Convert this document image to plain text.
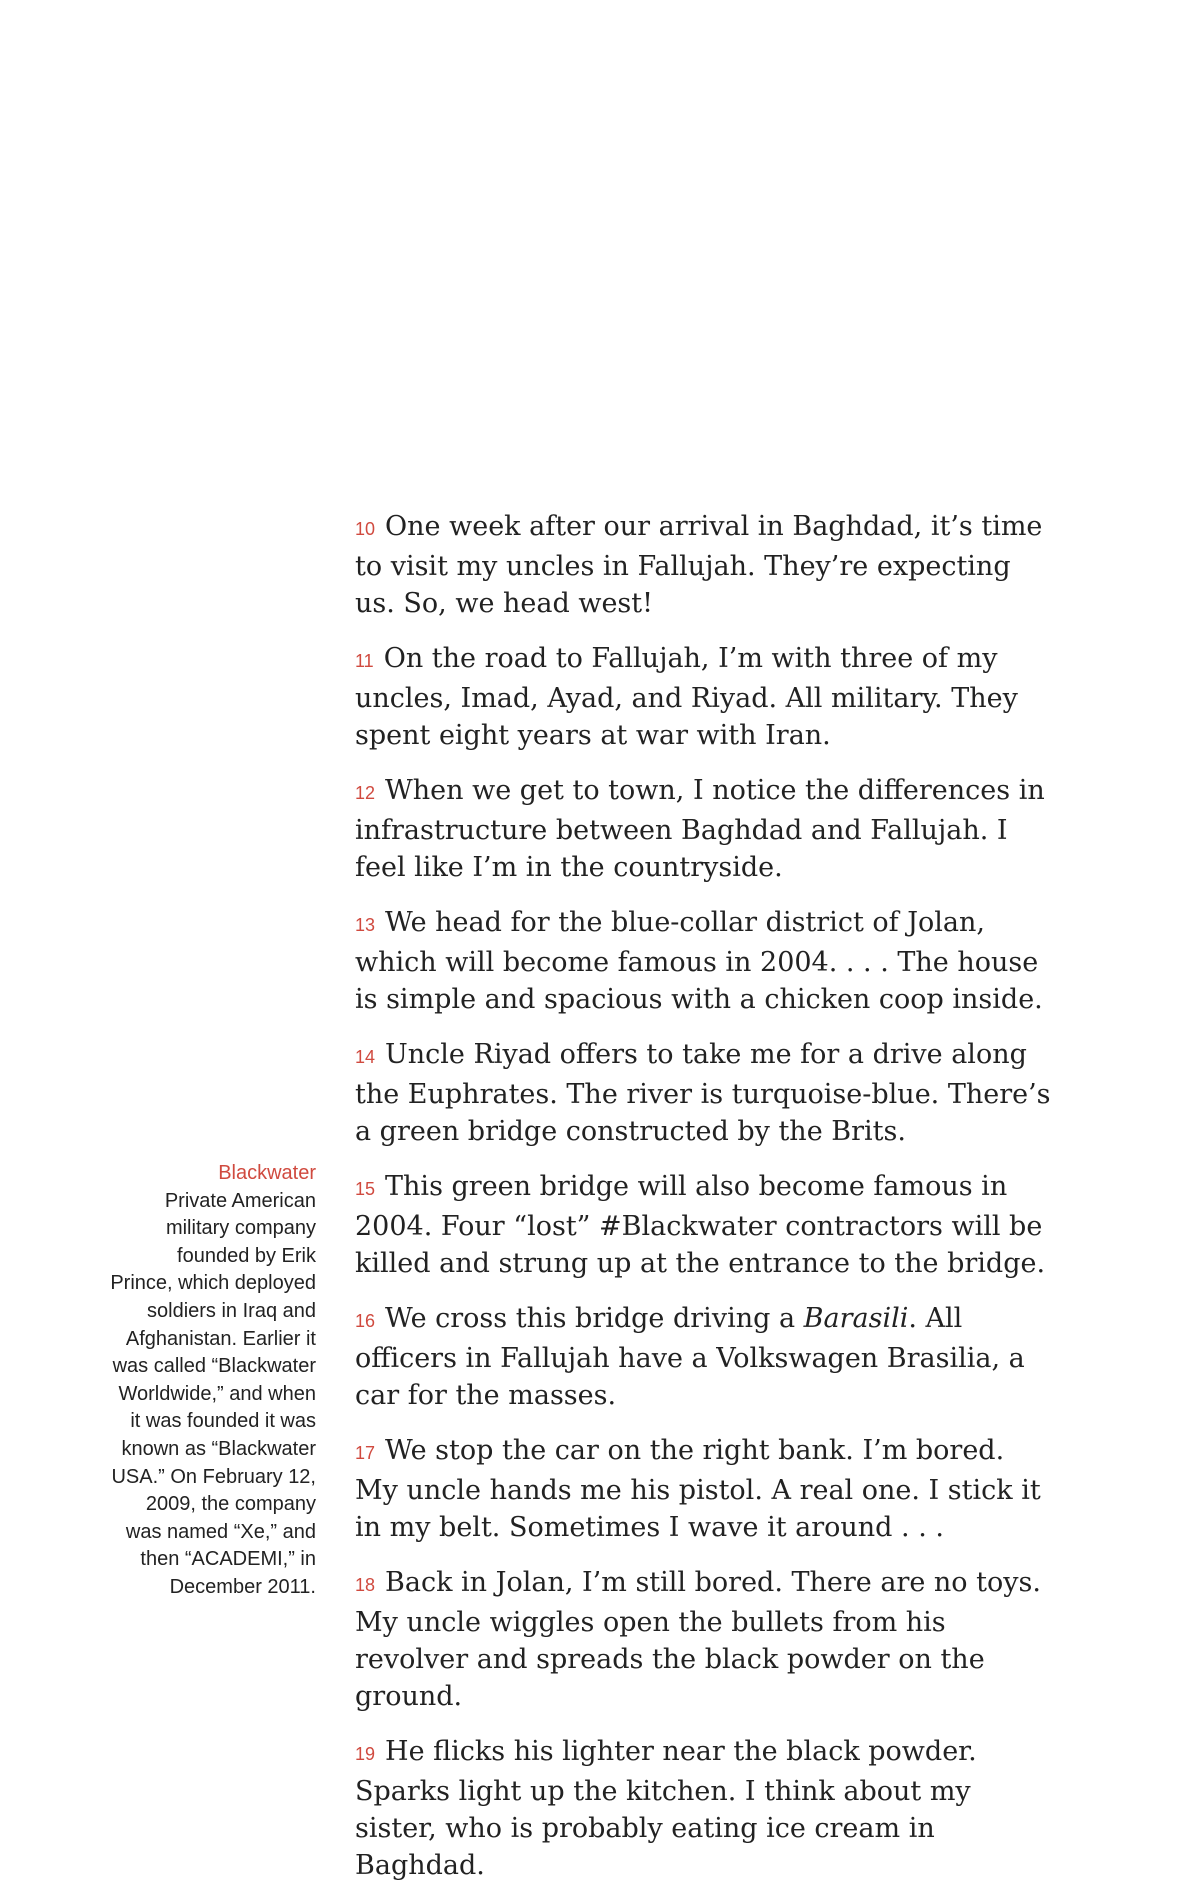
Blackwater
Private American military company founded by Erik Prince, which deployed soldiers in Iraq and Afghanistan. Earlier it was called “Blackwater Worldwide,” and when it was founded it was known as “Blackwater USA.” On February 12, 2009, the company was named “Xe,” and then “ACADEMI,” in December 2011.

10 One week after our arrival in Baghdad, it’s time to visit my uncles in Fallujah. They’re expecting us. So, we head west!

11 On the road to Fallujah, I’m with three of my uncles, Imad, Ayad, and Riyad. All military. They spent eight years at war with Iran.

12 When we get to town, I notice the differences in infrastructure between Baghdad and Fallujah. I feel like I’m in the countryside.

13 We head for the blue-collar district of Jolan, which will become famous in 2004. . . . The house is simple and spacious with a chicken coop inside.

14 Uncle Riyad offers to take me for a drive along the Euphrates. The river is turquoise-blue. There’s a green bridge constructed by the Brits.

15 This green bridge will also become famous in 2004. Four “lost” #Blackwater contractors will be killed and strung up at the entrance to the bridge.

16 We cross this bridge driving a Barasili. All officers in Fallujah have a Volkswagen Brasilia, a car for the masses.

17 We stop the car on the right bank. I’m bored. My uncle hands me his pistol. A real one. I stick it in my belt. Sometimes I wave it around . . .

18 Back in Jolan, I’m still bored. There are no toys. My uncle wiggles open the bullets from his revolver and spreads the black powder on the ground.

19 He flicks his lighter near the black powder. Sparks light up the kitchen. I think about my sister, who is probably eating ice cream in Baghdad.
